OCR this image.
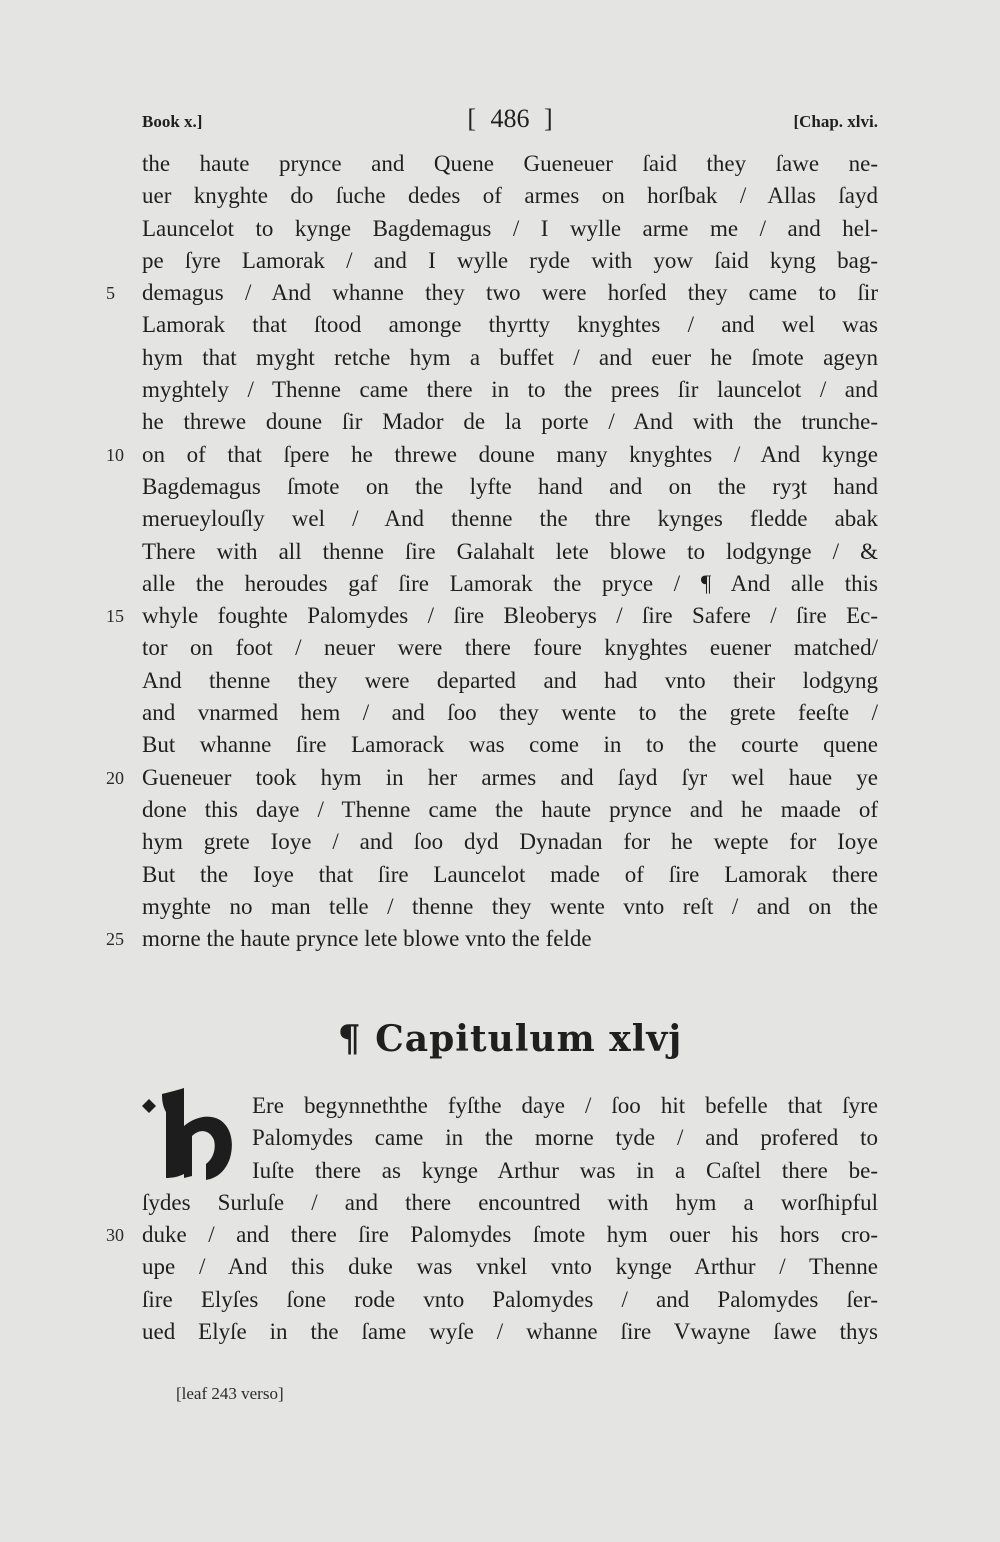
Book x.]	[ 486 ]	[Chap. xlvi.
the haute prynce and Quene Gueneuer ſaid they ſawe ne-
uer knyghte do ſuche dedes of armes on horſbak / Allas ſayd
Launcelot to kynge Bagdemagus / I wylle arme me / and hel-
pe ſyre Lamorak / and I wylle ryde with yow ſaid kyng bag-
5	demagus / And whanne they two were horſed they came to ſir
Lamorak that ſtood amonge thyrtty knyghtes / and wel was
hym that myght retche hym a buffet / and euer he ſmote ageyn
myghtely / Thenne came there in to the prees ſir launcelot / and
he threwe doune ſir Mador de la porte / And with the trunche-
10 on of that ſpere he threwe doune many knyghtes / And kynge
Bagdemagus ſmote on the lyfte hand and on the ryȝt hand
merueylouſly wel / And thenne the thre kynges fledde abak
There with all thenne ſire Galahalt lete blowe to lodgynge / &
alle the heroudes gaf ſire Lamorak the pryce / ¶ And alle this
15 whyle foughte Palomydes / ſire Bleoberys / ſire Safere / ſire Ec-
tor on foot / neuer were there foure knyghtes euener matched/
And thenne they were departed and had vnto their lodgyng
and vnarmed hem / and ſoo they wente to the grete feeſte /
But whanne ſire Lamorack was come in to the courte quene
20 Gueneuer took hym in her armes and ſayd ſyr wel haue ye
done this daye / Thenne came the haute prynce and he maade of
hym grete Ioye / and ſoo dyd Dynadan for he wepte for Ioye
But the Ioye that ſire Launcelot made of ſire Lamorak there
myghte no man telle / thenne they wente vnto reſt / and on the
25 morne the haute prynce lete blowe vnto the felde
¶ Capitulum xlvj
H
Ere begynneththe fyſthe daye / ſoo hit befelle that ſyre
Palomydes came in the morne tyde / and profered to
Iuſte there as kynge Arthur was in a Caſtel there be-
ſydes Surluſe / and there encountred with hym a worſhipful
30 duke / and there ſire Palomydes ſmote hym ouer his hors cro-
upe / And this duke was vnkel vnto kynge Arthur / Thenne
ſire Elyſes ſone rode vnto Palomydes / and Palomydes ſer-
ued Elyſe in the ſame wyſe / whanne ſire Vwayne ſawe thys
[leaf 243 verso]
